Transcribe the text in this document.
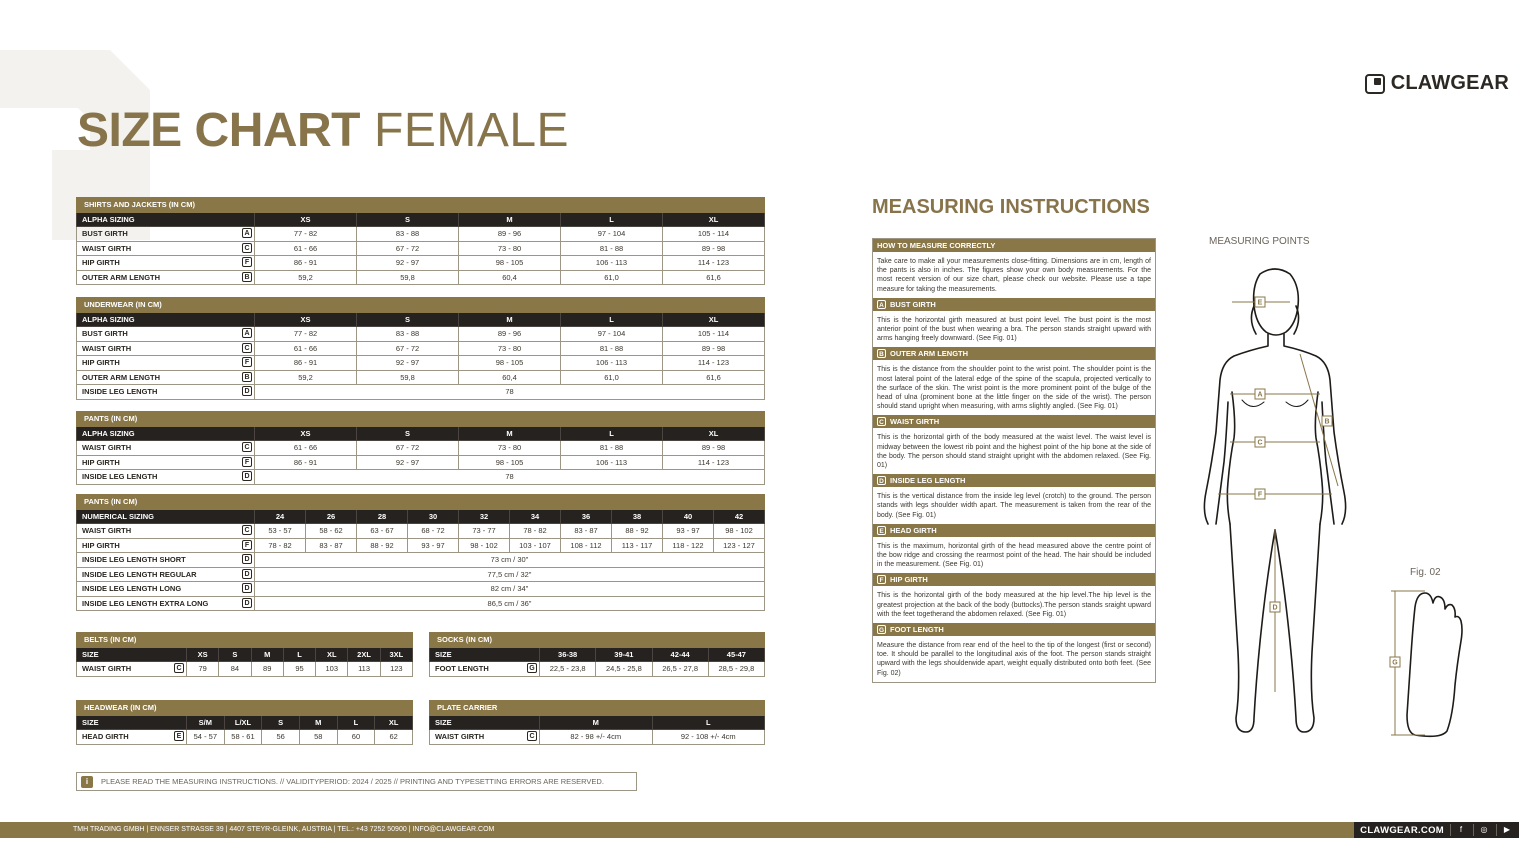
CLAWGEAR
SIZE CHART FEMALE
SHIRTS AND JACKETS (IN CM)					
ALPHA SIZING	XS	S	M	L	XL
BUST GIRTH A	77 - 82	83 - 88	89 - 96	97 - 104	105 - 114
WAIST GIRTH C	61 - 66	67 - 72	73 - 80	81 - 88	89 - 98
HIP GIRTH F	86 - 91	92 - 97	98 - 105	106 - 113	114 - 123
OUTER ARM LENGTH B	59,2	59,8	60,4	61,0	61,6
UNDERWEAR (IN CM)					
ALPHA SIZING	XS	S	M	L	XL
BUST GIRTH A	77 - 82	83 - 88	89 - 96	97 - 104	105 - 114
WAIST GIRTH C	61 - 66	67 - 72	73 - 80	81 - 88	89 - 98
HIP GIRTH F	86 - 91	92 - 97	98 - 105	106 - 113	114 - 123
OUTER ARM LENGTH B	59,2	59,8	60,4	61,0	61,6
INSIDE LEG LENGTH D	78				
PANTS (IN CM)					
ALPHA SIZING	XS	S	M	L	XL
WAIST GIRTH C	61 - 66	67 - 72	73 - 80	81 - 88	89 - 98
HIP GIRTH F	86 - 91	92 - 97	98 - 105	106 - 113	114 - 123
INSIDE LEG LENGTH D	78				
PANTS (IN CM)										
NUMERICAL SIZING	24	26	28	30	32	34	36	38	40	42
WAIST GIRTH C	53 - 57	58 - 62	63 - 67	68 - 72	73 - 77	78 - 82	83 - 87	88 - 92	93 - 97	98 - 102
HIP GIRTH F	78 - 82	83 - 87	88 - 92	93 - 97	98 - 102	103 - 107	108 - 112	113 - 117	118 - 122	123 - 127
INSIDE LEG LENGTH SHORT D	73 cm / 30"									
INSIDE LEG LENGTH REGULAR D	77,5 cm / 32"									
INSIDE LEG LENGTH LONG D	82 cm / 34"									
INSIDE LEG LENGTH EXTRA LONG D	86,5 cm / 36"									
BELTS (IN CM)							
SIZE	XS	S	M	L	XL	2XL	3XL
WAIST GIRTH C	79	84	89	95	103	113	123
SOCKS (IN CM)				
SIZE	36-38	39-41	42-44	45-47
FOOT LENGTH G	22,5 - 23,8	24,5 - 25,8	26,5 - 27,8	28,5 - 29,8
HEADWEAR (IN CM)						
SIZE	S/M	L/XL	S	M	L	XL
HEAD GIRTH E	54 - 57	58 - 61	56	58	60	62
PLATE CARRIER		
SIZE	M	L
WAIST GIRTH C	82 - 98 +/- 4cm	92 - 108 +/- 4cm
i	PLEASE READ THE MEASURING INSTRUCTIONS. // VALIDITYPERIOD: 2024 / 2025 // PRINTING AND TYPESETTING ERRORS ARE RESERVED.
MEASURING INSTRUCTIONS
HOW TO MEASURE CORRECTLY
Take care to make all your measurements close-fitting. Dimensions are in cm, length of the pants is also in inches. The figures show your own body measurements. For the most recent version of our size chart, please check our website. Please use a tape measure for taking the measurements.
A BUST GIRTH
This is the horizontal girth measured at bust point level. The bust point is the most anterior point of the bust when wearing a bra. The person stands straight upward with arms hanging freely downward. (See Fig. 01)
B OUTER ARM LENGTH
This is the distance from the shoulder point to the wrist point. The shoulder point is the most lateral point of the lateral edge of the spine of the scapula, projected vertically to the surface of the skin. The wrist point is the more prominent point of the bulge of the head of ulna (prominent bone at the little finger on the side of the wrist). The person should stand upright when measuring, with arms slightly angled. (See Fig. 01)
C WAIST GIRTH
This is the horizontal girth of the body measured at the waist level. The waist level is midway between the lowest rib point and the highest point of the hip bone at the side of the body. The person should stand straight upright with the abdomen relaxed. (See Fig. 01)
D INSIDE LEG LENGTH
This is the vertical distance from the inside leg level (crotch) to the ground. The person stands with legs shoulder width apart. The measurement is taken from the rear of the body. (See Fig. 01)
E HEAD GIRTH
This is the maximum, horizontal girth of the head measured above the centre point of the bow ridge and crossing the rearmost point of the head. The hair should be included in the measurement. (See Fig. 01)
F HIP GIRTH
This is the horizontal girth of the body measured at the hip level.The hip level is the greatest projection at the back of the body (buttocks).The person stands sraight upward with the feet togetherand the abdomen relaxed. (See Fig. 01)
G FOOT LENGTH
Measure the distance from rear end of the heel to the tip of the longest (first or second) toe. It should be parallel to the longitudinal axis of the foot. The person stands straight upward with the legs shoulderwide apart, weight equally distributed onto both feet. (See Fig. 02)
MEASURING POINTS
E
A
B
C
F
D
Fig. 02
G
TMH TRADING GMBH | ENNSER STRASSE 39 | 4407 STEYR-GLEINK, AUSTRIA | TEL.: +43 7252 50900 | INFO@CLAWGEAR.COM	CLAWGEAR.COM	f	◎	▶
